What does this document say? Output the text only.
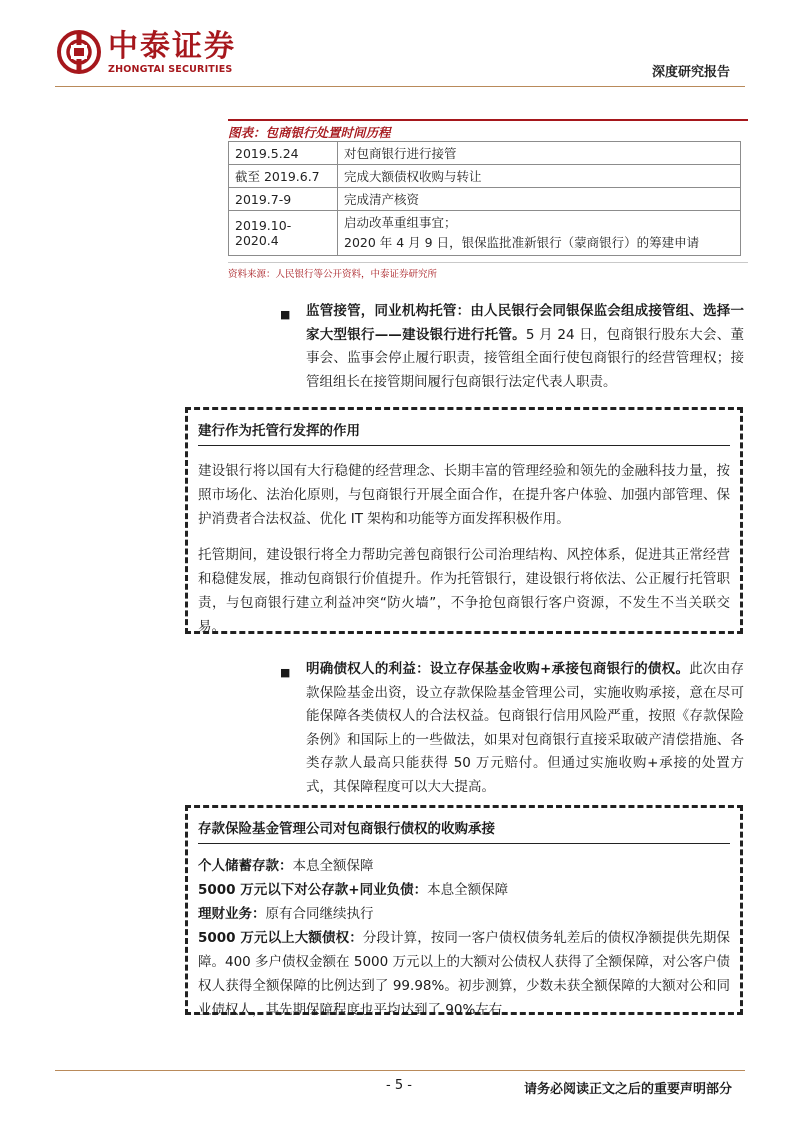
中泰证券
ZHONGTAI SECURITIES	深度研究报告
图表：包商银行处置时间历程
2019.5.24	对包商银行进行接管
截至 2019.6.7	完成大额债权收购与转让
2019.7-9	完成清产核资
2019.10-2020.4	启动改革重组事宜；
2020 年 4 月 9 日，银保监批准新银行（蒙商银行）的筹建申请
资料来源：人民银行等公开资料，中泰证券研究所
■ 监管接管，同业机构托管：由人民银行会同银保监会组成接管组、选择一家大型银行——建设银行进行托管。5 月 24 日，包商银行股东大会、董事会、监事会停止履行职责，接管组全面行使包商银行的经营管理权；接管组组长在接管期间履行包商银行法定代表人职责。
建行作为托管行发挥的作用
建设银行将以国有大行稳健的经营理念、长期丰富的管理经验和领先的金融科技力量，按照市场化、法治化原则，与包商银行开展全面合作，在提升客户体验、加强内部管理、保护消费者合法权益、优化 IT 架构和功能等方面发挥积极作用。
托管期间，建设银行将全力帮助完善包商银行公司治理结构、风控体系，促进其正常经营和稳健发展，推动包商银行价值提升。作为托管银行，建设银行将依法、公正履行托管职责，与包商银行建立利益冲突“防火墙”，不争抢包商银行客户资源，不发生不当关联交易。
■ 明确债权人的利益：设立存保基金收购+承接包商银行的债权。此次由存款保险基金出资，设立存款保险基金管理公司，实施收购承接，意在尽可能保障各类债权人的合法权益。包商银行信用风险严重，按照《存款保险条例》和国际上的一些做法，如果对包商银行直接采取破产清偿措施、各类存款人最高只能获得 50 万元赔付。但通过实施收购+承接的处置方式，其保障程度可以大大提高。
存款保险基金管理公司对包商银行债权的收购承接
个人储蓄存款：本息全额保障
5000 万元以下对公存款+同业负债：本息全额保障
理财业务：原有合同继续执行
5000 万元以上大额债权：分段计算，按同一客户债权债务轧差后的债权净额提供先期保障。400 多户债权金额在 5000 万元以上的大额对公债权人获得了全额保障，对公客户债权人获得全额保障的比例达到了 99.98%。初步测算，少数未获全额保障的大额对公和同业债权人，其先期保障程度也平均达到了 90%左右
- 5 -	请务必阅读正文之后的重要声明部分
